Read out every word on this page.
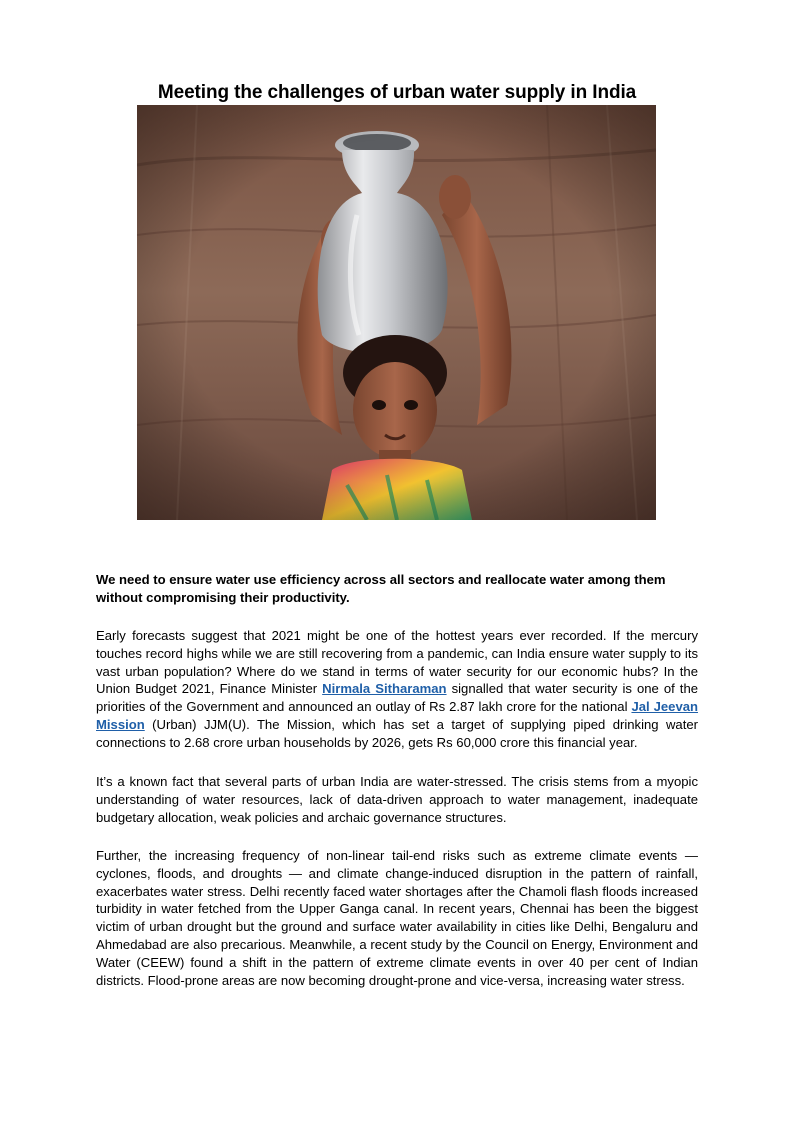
Meeting the challenges of urban water supply in India

We need to ensure water use efficiency across all sectors and reallocate water among them without compromising their productivity.

Early forecasts suggest that 2021 might be one of the hottest years ever recorded. If the mercury touches record highs while we are still recovering from a pandemic, can India ensure water supply to its vast urban population? Where do we stand in terms of water security for our economic hubs? In the Union Budget 2021, Finance Minister Nirmala Sitharaman signalled that water security is one of the priorities of the Government and announced an outlay of Rs 2.87 lakh crore for the national Jal Jeevan Mission (Urban) JJM(U). The Mission, which has set a target of supplying piped drinking water connections to 2.68 crore urban households by 2026, gets Rs 60,000 crore this financial year.

It’s a known fact that several parts of urban India are water-stressed. The crisis stems from a myopic understanding of water resources, lack of data-driven approach to water management, inadequate budgetary allocation, weak policies and archaic governance structures.

Further, the increasing frequency of non-linear tail-end risks such as extreme climate events — cyclones, floods, and droughts — and climate change-induced disruption in the pattern of rainfall, exacerbates water stress. Delhi recently faced water shortages after the Chamoli flash floods increased turbidity in water fetched from the Upper Ganga canal. In recent years, Chennai has been the biggest victim of urban drought but the ground and surface water availability in cities like Delhi, Bengaluru and Ahmedabad are also precarious. Meanwhile, a recent study by the Council on Energy, Environment and Water (CEEW) found a shift in the pattern of extreme climate events in over 40 per cent of Indian districts. Flood-prone areas are now becoming drought-prone and vice-versa, increasing water stress.
